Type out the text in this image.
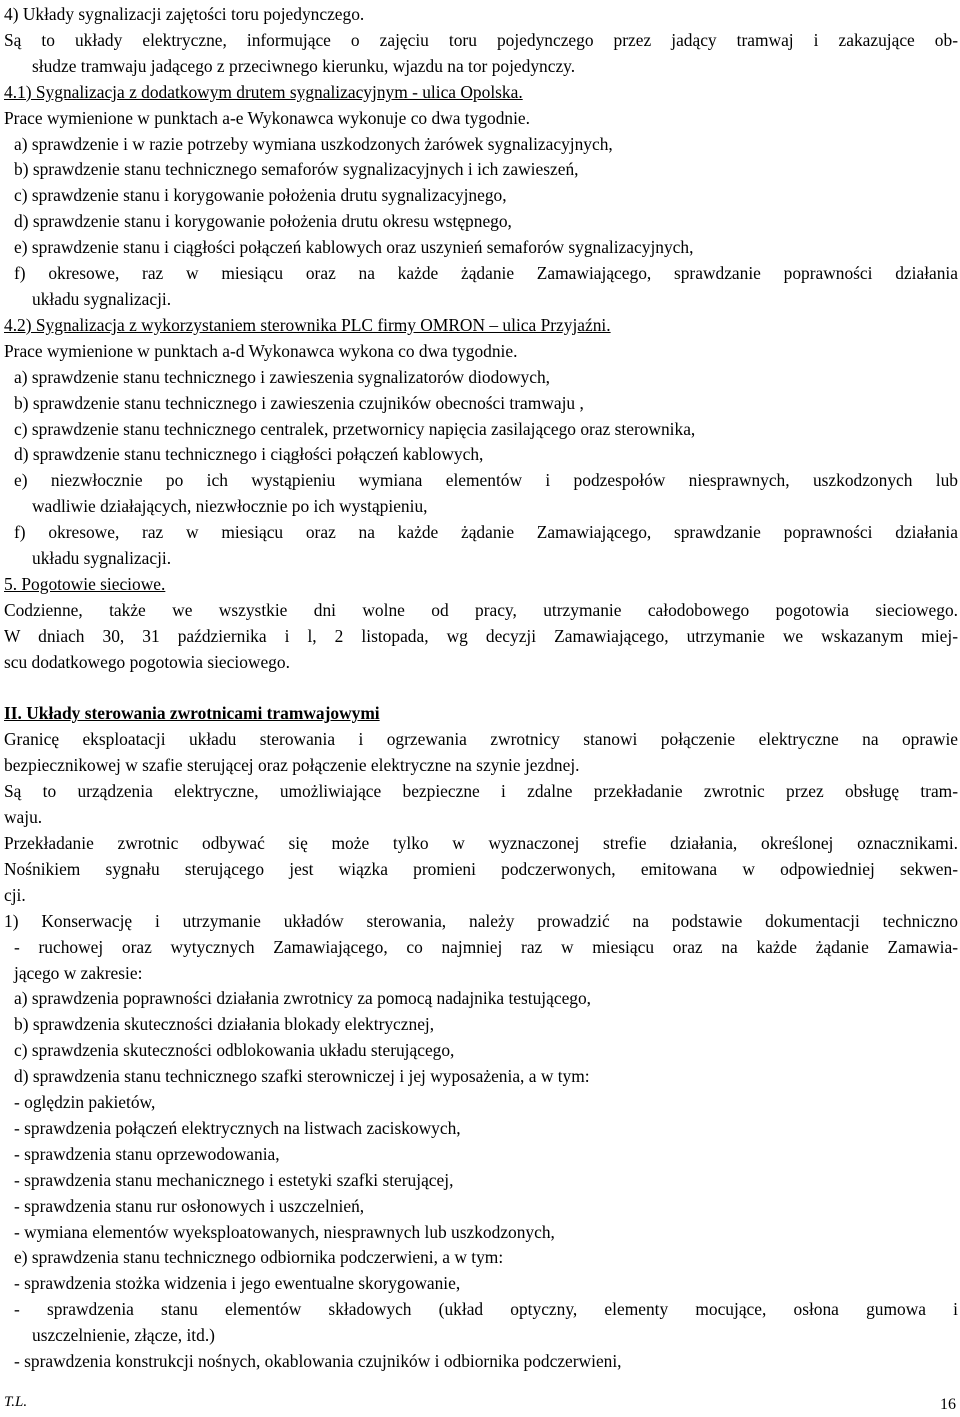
4) Układy sygnalizacji zajętości toru pojedynczego.
Są to układy elektryczne, informujące o zajęciu toru pojedynczego przez jadący tramwaj i zakazujące ob-
słudze tramwaju jadącego z przeciwnego kierunku, wjazdu na tor pojedynczy.
4.1) Sygnalizacja z dodatkowym drutem sygnalizacyjnym - ulica Opolska.
Prace wymienione w punktach a-e Wykonawca wykonuje co dwa tygodnie.
a) sprawdzenie i w razie potrzeby wymiana uszkodzonych żarówek sygnalizacyjnych,
b) sprawdzenie stanu technicznego semaforów sygnalizacyjnych i ich zawieszeń,
c) sprawdzenie stanu i korygowanie położenia drutu sygnalizacyjnego,
d) sprawdzenie stanu i korygowanie położenia drutu okresu wstępnego,
e) sprawdzenie stanu i ciągłości połączeń kablowych oraz uszynień semaforów sygnalizacyjnych,
f) okresowe, raz w miesiącu oraz na każde żądanie Zamawiającego, sprawdzanie poprawności działania
układu sygnalizacji.
4.2) Sygnalizacja z wykorzystaniem sterownika PLC firmy OMRON – ulica Przyjaźni.
Prace wymienione w punktach a-d Wykonawca wykona co dwa tygodnie.
a) sprawdzenie stanu technicznego i zawieszenia sygnalizatorów diodowych,
b) sprawdzenie stanu technicznego i zawieszenia czujników obecności tramwaju ,
c) sprawdzenie stanu technicznego centralek, przetwornicy napięcia zasilającego oraz sterownika,
d) sprawdzenie stanu technicznego i ciągłości połączeń kablowych,
e) niezwłocznie po ich wystąpieniu wymiana elementów i podzespołów niesprawnych, uszkodzonych lub
wadliwie działających, niezwłocznie po ich wystąpieniu,
f) okresowe, raz w miesiącu oraz na każde żądanie Zamawiającego, sprawdzanie poprawności działania
układu sygnalizacji.
5. Pogotowie sieciowe.
Codzienne, także we wszystkie dni wolne od pracy, utrzymanie całodobowego pogotowia sieciowego.
W dniach 30, 31 października i l, 2 listopada, wg decyzji Zamawiającego, utrzymanie we wskazanym miej-
scu dodatkowego pogotowia sieciowego.
II. Układy sterowania zwrotnicami tramwajowymi
Granicę eksploatacji układu sterowania i ogrzewania zwrotnicy stanowi połączenie elektryczne na oprawie
bezpiecznikowej w szafie sterującej oraz połączenie elektryczne na szynie jezdnej.
Są to urządzenia elektryczne, umożliwiające bezpieczne i zdalne przekładanie zwrotnic przez obsługę tram-
waju.
Przekładanie zwrotnic odbywać się może tylko w wyznaczonej strefie działania, określonej oznacznikami.
Nośnikiem sygnału sterującego jest wiązka promieni podczerwonych, emitowana w odpowiedniej sekwen-
cji.
1) Konserwację i utrzymanie układów sterowania, należy prowadzić na podstawie dokumentacji techniczno
- ruchowej oraz wytycznych Zamawiającego, co najmniej raz w miesiącu oraz na każde żądanie Zamawia-
jącego w zakresie:
a) sprawdzenia poprawności działania zwrotnicy za pomocą nadajnika testującego,
b) sprawdzenia skuteczności działania blokady elektrycznej,
c) sprawdzenia skuteczności odblokowania układu sterującego,
d) sprawdzenia stanu technicznego szafki sterowniczej i jej wyposażenia, a w tym:
- oględzin pakietów,
- sprawdzenia połączeń elektrycznych na listwach zaciskowych,
- sprawdzenia stanu oprzewodowania,
- sprawdzenia stanu mechanicznego i estetyki szafki sterującej,
- sprawdzenia stanu rur osłonowych i uszczelnień,
- wymiana elementów wyeksploatowanych, niesprawnych lub uszkodzonych,
e) sprawdzenia stanu technicznego odbiornika podczerwieni, a w tym:
- sprawdzenia stożka widzenia i jego ewentualne skorygowanie,
- sprawdzenia stanu elementów składowych (układ optyczny, elementy mocujące, osłona gumowa i
uszczelnienie, złącze, itd.)
- sprawdzenia konstrukcji nośnych, okablowania czujników i odbiornika podczerwieni,
T.L.	16
